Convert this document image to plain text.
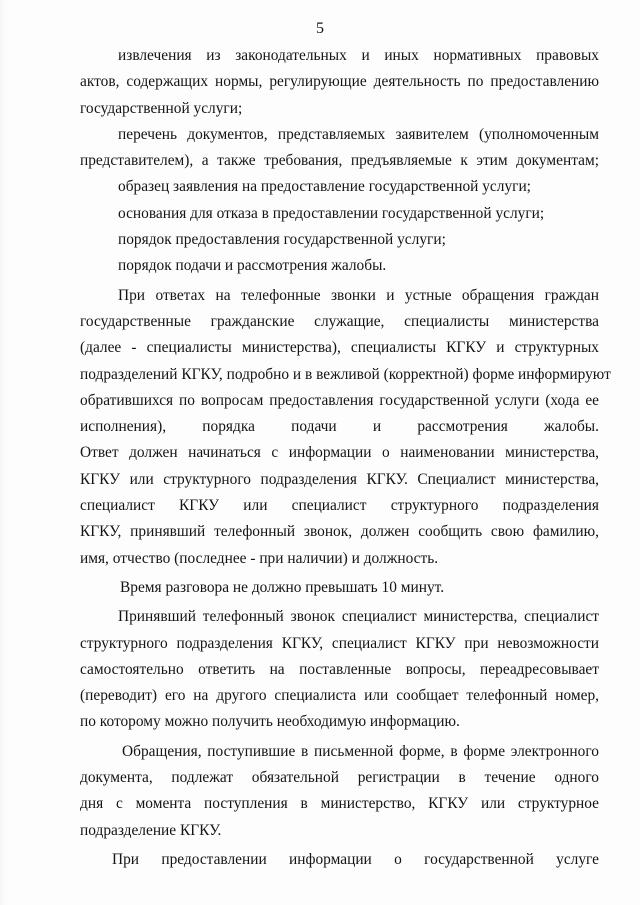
5
извлечения из законодательных и иных нормативных правовых
актов, содержащих нормы, регулирующие деятельность по предоставлению
государственной услуги;
перечень документов, представляемых заявителем (уполномоченным
представителем), а также требования, предъявляемые к этим документам;
образец заявления на предоставление государственной услуги;
основания для отказа в предоставлении государственной услуги;
порядок предоставления государственной услуги;
порядок подачи и рассмотрения жалобы.
При ответах на телефонные звонки и устные обращения граждан
государственные гражданские служащие, специалисты министерства
(далее - специалисты министерства), специалисты КГКУ и структурных
подразделений КГКУ, подробно и в вежливой (корректной) форме информируют
обратившихся по вопросам предоставления государственной услуги (хода ее
исполнения), порядка подачи и рассмотрения жалобы.
Ответ должен начинаться с информации о наименовании министерства,
КГКУ или структурного подразделения КГКУ. Специалист министерства,
специалист КГКУ или специалист структурного подразделения
КГКУ, принявший телефонный звонок, должен сообщить свою фамилию,
имя, отчество (последнее - при наличии) и должность.
Время разговора не должно превышать 10 минут.
Принявший телефонный звонок специалист министерства, специалист
структурного подразделения КГКУ, специалист КГКУ при невозможности
самостоятельно ответить на поставленные вопросы, переадресовывает
(переводит) его на другого специалиста или сообщает телефонный номер,
по которому можно получить необходимую информацию.
Обращения, поступившие в письменной форме, в форме электронного
документа, подлежат обязательной регистрации в течение одного
дня с момента поступления в министерство, КГКУ или структурное
подразделение КГКУ.
При предоставлении информации о государственной услуге
